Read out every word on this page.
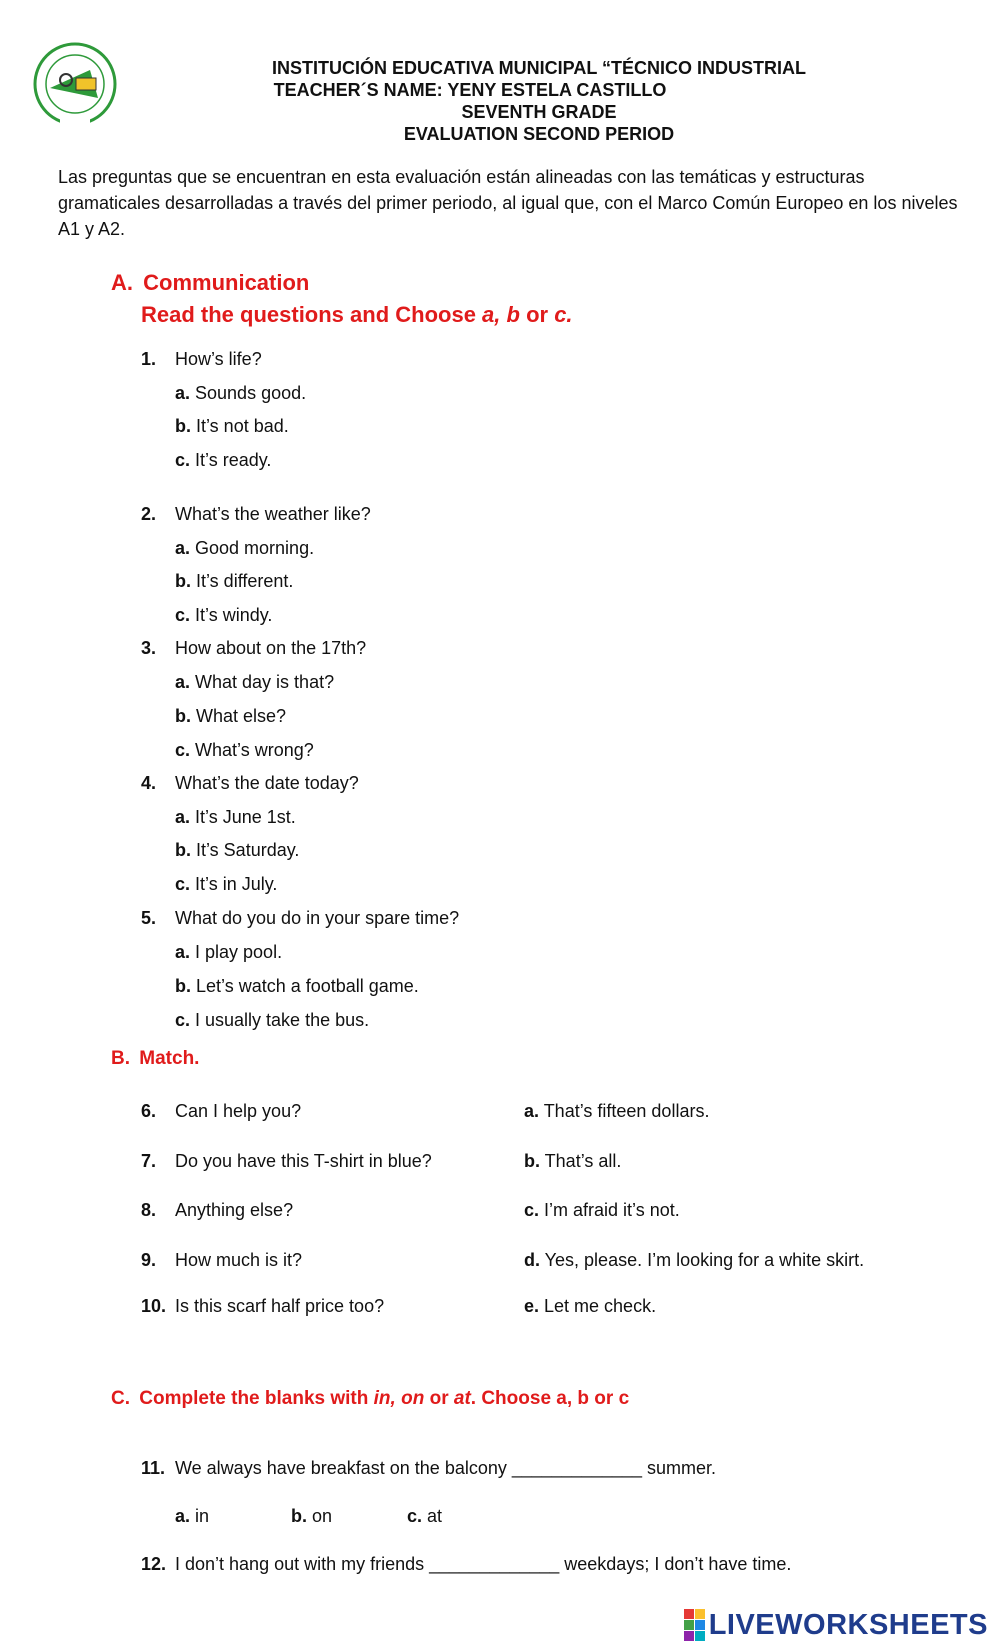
INSTITUCIÓN EDUCATIVA MUNICIPAL “TÉCNICO INDUSTRIAL
TEACHER´S NAME: YENY ESTELA CASTILLO
SEVENTH GRADE
EVALUATION SECOND PERIOD
Las preguntas que se encuentran en esta evaluación están alineadas con las temáticas y estructuras gramaticales desarrolladas a través del primer periodo, al igual que, con el Marco Común Europeo en los niveles A1 y A2.
A. Communication
Read the questions and Choose a, b or c.
1. How’s life?
a. Sounds good.
b. It’s not bad.
c. It’s ready.
2. What’s the weather like?
a. Good morning.
b. It’s different.
c. It’s windy.
3. How about on the 17th?
a. What day is that?
b. What else?
c. What’s wrong?
4. What’s the date today?
a. It’s June 1st.
b. It’s Saturday.
c. It’s in July.
5. What do you do in your spare time?
a. I play pool.
b. Let’s watch a football game.
c. I usually take the bus.
B. Match.
6. Can I help you?	a. That’s fifteen dollars.
7. Do you have this T-shirt in blue?	b. That’s all.
8. Anything else?	c. I’m afraid it’s not.
9. How much is it?	d. Yes, please. I’m looking for a white skirt.
10. Is this scarf half price too?	e. Let me check.
C. Complete the blanks with in, on or at. Choose a, b or c
11. We always have breakfast on the balcony _____________ summer.
a. in	b. on	c. at
12. I don’t hang out with my friends _____________ weekdays; I don’t have time.
LIVEWORKSHEETS
